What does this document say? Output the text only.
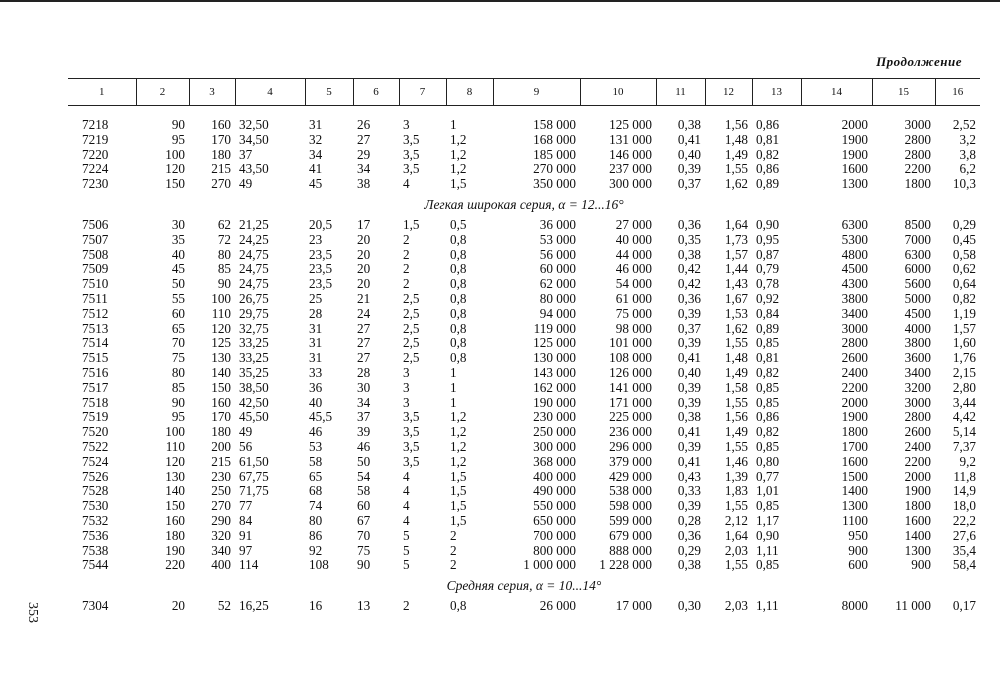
Продолжение
353
1	2	3	4	5	6	7	8	9	10	11	12	13	14	15	16

7218	90	160	32,50	31	26	3	1	158 000	125 000	0,38	1,56	0,86	2000	3000	2,52
7219	95	170	34,50	32	27	3,5	1,2	168 000	131 000	0,41	1,48	0,81	1900	2800	3,2
7220	100	180	37	34	29	3,5	1,2	185 000	146 000	0,40	1,49	0,82	1900	2800	3,8
7224	120	215	43,50	41	34	3,5	1,2	270 000	237 000	0,39	1,55	0,86	1600	2200	6,2
7230	150	270	49	45	38	4	1,5	350 000	300 000	0,37	1,62	0,89	1300	1800	10,3
Легкая широкая серия, α = 12...16°															
7506	30	62	21,25	20,5	17	1,5	0,5	36 000	27 000	0,36	1,64	0,90	6300	8500	0,29
7507	35	72	24,25	23	20	2	0,8	53 000	40 000	0,35	1,73	0,95	5300	7000	0,45
7508	40	80	24,75	23,5	20	2	0,8	56 000	44 000	0,38	1,57	0,87	4800	6300	0,58
7509	45	85	24,75	23,5	20	2	0,8	60 000	46 000	0,42	1,44	0,79	4500	6000	0,62
7510	50	90	24,75	23,5	20	2	0,8	62 000	54 000	0,42	1,43	0,78	4300	5600	0,64
7511	55	100	26,75	25	21	2,5	0,8	80 000	61 000	0,36	1,67	0,92	3800	5000	0,82
7512	60	110	29,75	28	24	2,5	0,8	94 000	75 000	0,39	1,53	0,84	3400	4500	1,19
7513	65	120	32,75	31	27	2,5	0,8	119 000	98 000	0,37	1,62	0,89	3000	4000	1,57
7514	70	125	33,25	31	27	2,5	0,8	125 000	101 000	0,39	1,55	0,85	2800	3800	1,60
7515	75	130	33,25	31	27	2,5	0,8	130 000	108 000	0,41	1,48	0,81	2600	3600	1,76
7516	80	140	35,25	33	28	3	1	143 000	126 000	0,40	1,49	0,82	2400	3400	2,15
7517	85	150	38,50	36	30	3	1	162 000	141 000	0,39	1,58	0,85	2200	3200	2,80
7518	90	160	42,50	40	34	3	1	190 000	171 000	0,39	1,55	0,85	2000	3000	3,44
7519	95	170	45,50	45,5	37	3,5	1,2	230 000	225 000	0,38	1,56	0,86	1900	2800	4,42
7520	100	180	49	46	39	3,5	1,2	250 000	236 000	0,41	1,49	0,82	1800	2600	5,14
7522	110	200	56	53	46	3,5	1,2	300 000	296 000	0,39	1,55	0,85	1700	2400	7,37
7524	120	215	61,50	58	50	3,5	1,2	368 000	379 000	0,41	1,46	0,80	1600	2200	9,2
7526	130	230	67,75	65	54	4	1,5	400 000	429 000	0,43	1,39	0,77	1500	2000	11,8
7528	140	250	71,75	68	58	4	1,5	490 000	538 000	0,33	1,83	1,01	1400	1900	14,9
7530	150	270	77	74	60	4	1,5	550 000	598 000	0,39	1,55	0,85	1300	1800	18,0
7532	160	290	84	80	67	4	1,5	650 000	599 000	0,28	2,12	1,17	1100	1600	22,2
7536	180	320	91	86	70	5	2	700 000	679 000	0,36	1,64	0,90	950	1400	27,6
7538	190	340	97	92	75	5	2	800 000	888 000	0,29	2,03	1,11	900	1300	35,4
7544	220	400	114	108	90	5	2	1 000 000	1 228 000	0,38	1,55	0,85	600	900	58,4
Средняя серия, α = 10...14°															
7304	20	52	16,25	16	13	2	0,8	26 000	17 000	0,30	2,03	1,11	8000	11 000	0,17
